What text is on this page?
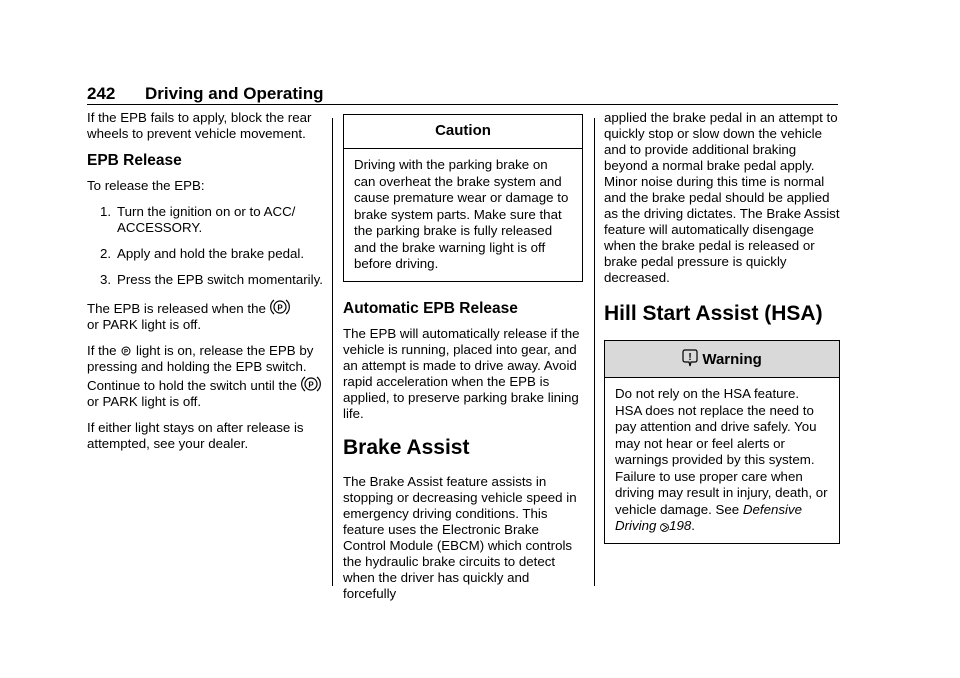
242 Driving and Operating

If the EPB fails to apply, block the rear wheels to prevent vehicle movement.

EPB Release

To release the EPB:

1. Turn the ignition on or to ACC/ ACCESSORY.
2. Apply and hold the brake pedal.
3. Press the EPB switch momentarily.

The EPB is released when the P

or PARK light is off.

If the P light is on, release the EPB by pressing and holding the EPB switch. Continue to hold the switch until the P
or PARK light is off.

If either light stays on after release is attempted, see your dealer.

Caution
Driving with the parking brake on can overheat the brake system and cause premature wear or damage to brake system parts. Make sure that the parking brake is fully released and the brake warning light is off before driving.
Automatic EPB Release

The EPB will automatically release if the vehicle is running, placed into gear, and an attempt is made to drive away. Avoid rapid acceleration when the EPB is applied, to preserve parking brake lining life.

Brake Assist

The Brake Assist feature assists in stopping or decreasing vehicle speed in emergency driving conditions. This feature uses the Electronic Brake Control Module (EBCM) which controls the hydraulic brake circuits to detect when the driver has quickly and forcefully

applied the brake pedal in an attempt to quickly stop or slow down the vehicle and to provide additional braking beyond a normal brake pedal apply. Minor noise during this time is normal and the brake pedal should be applied as the driving dictates. The Brake Assist feature will automatically disengage when the brake pedal is released or brake pedal pressure is quickly decreased.

Hill Start Assist (HSA)
! Warning
Do not rely on the HSA feature. HSA does not replace the need to pay attention and drive safely. You may not hear or feel alerts or warnings provided by this system. Failure to use proper care when driving may result in injury, death, or vehicle damage. See Defensive Driving 198.
